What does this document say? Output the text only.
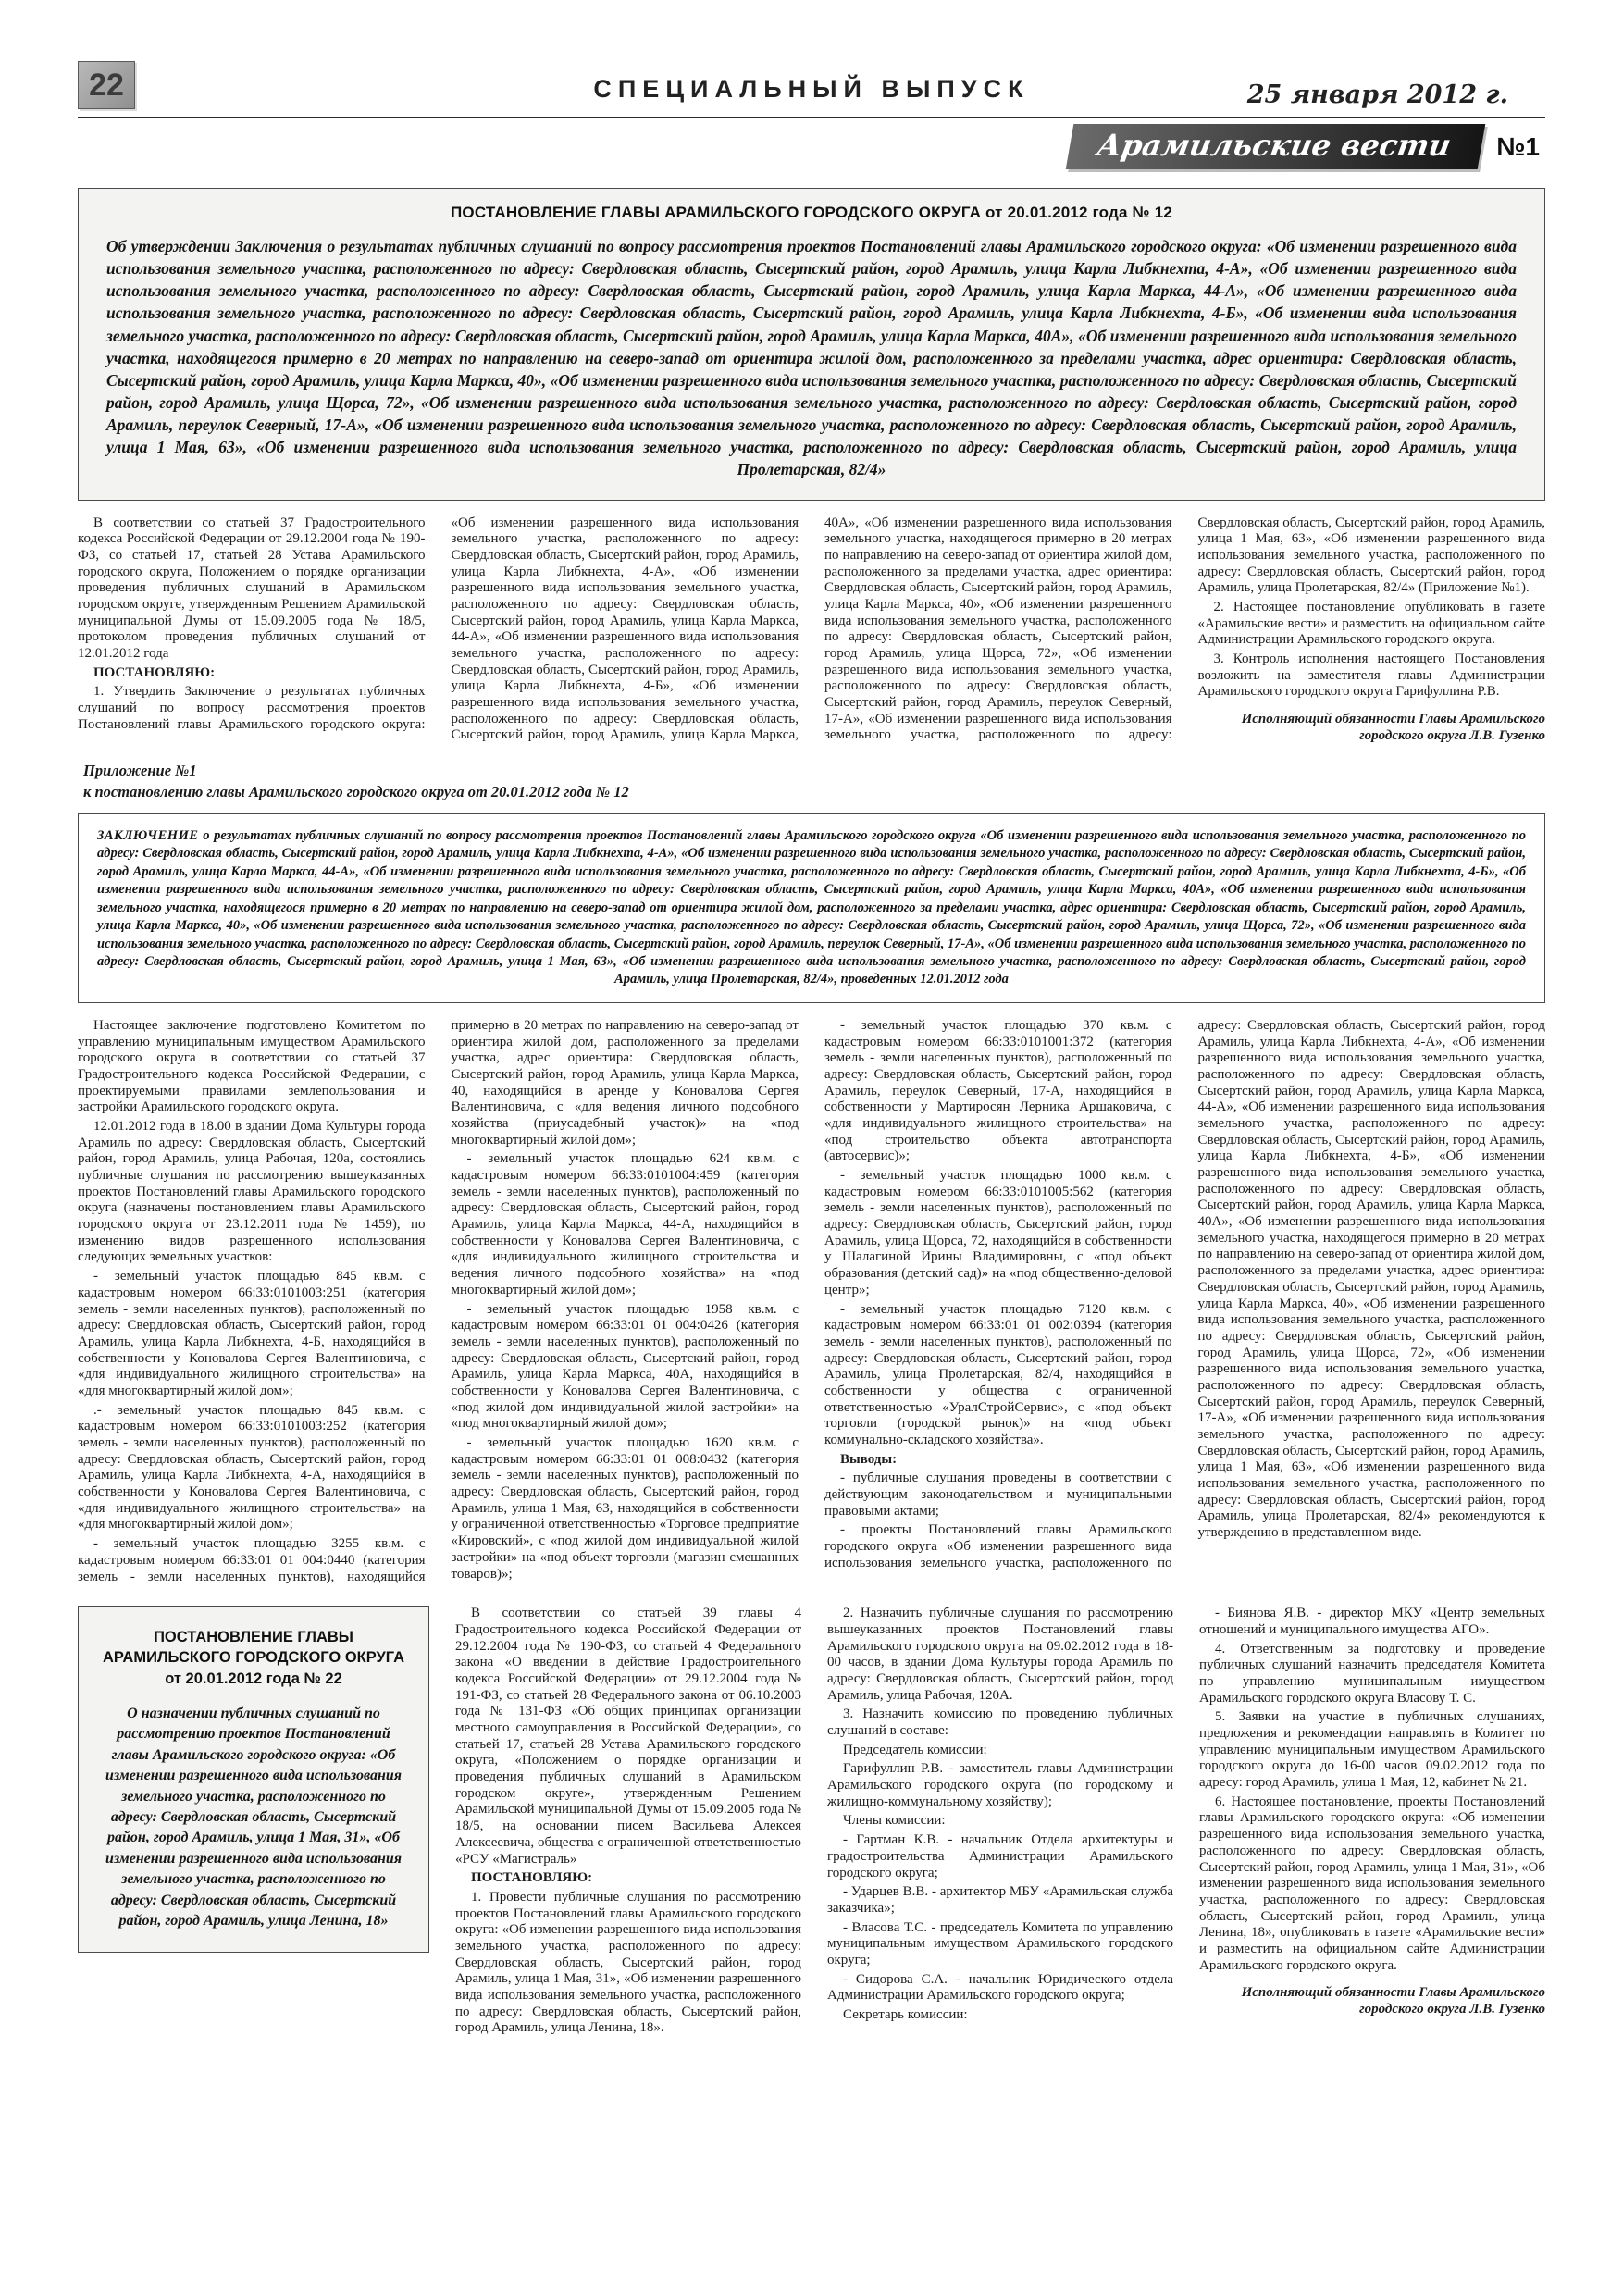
22	СПЕЦИАЛЬНЫЙ ВЫПУСК	25 января 2012 г.
Арамильские вести	№1
ПОСТАНОВЛЕНИЕ ГЛАВЫ АРАМИЛЬСКОГО ГОРОДСКОГО ОКРУГА от 20.01.2012 года № 12

Об утверждении Заключения о результатах публичных слушаний по вопросу рассмотрения проектов Постановлений главы Арамильского городского округа: «Об изменении разрешенного вида использования земельного участка, расположенного по адресу: Свердловская область, Сысертский район, город Арамиль, улица Карла Либкнехта, 4-А», «Об изменении разрешенного вида использования земельного участка, расположенного по адресу: Свердловская область, Сысертский район, город Арамиль, улица Карла Маркса, 44-А», «Об изменении разрешенного вида использования земельного участка, расположенного по адресу: Свердловская область, Сысертский район, город Арамиль, улица Карла Либкнехта, 4-Б», «Об изменении вида использования земельного участка, расположенного по адресу: Свердловская область, Сысертский район, город Арамиль, улица Карла Маркса, 40А», «Об изменении разрешенного вида использования земельного участка, находящегося примерно в 20 метрах по направлению на северо-запад от ориентира жилой дом, расположенного за пределами участка, адрес ориентира: Свердловская область, Сысертский район, город Арамиль, улица Карла Маркса, 40», «Об изменении разрешенного вида использования земельного участка, расположенного по адресу: Свердловская область, Сысертский район, город Арамиль, улица Щорса, 72», «Об изменении разрешенного вида использования земельного участка, расположенного по адресу: Свердловская область, Сысертский район, город Арамиль, переулок Северный, 17-А», «Об изменении разрешенного вида использования земельного участка, расположенного по адресу: Свердловская область, Сысертский район, город Арамиль, улица 1 Мая, 63», «Об изменении разрешенного вида использования земельного участка, расположенного по адресу: Свердловская область, Сысертский район, город Арамиль, улица Пролетарская, 82/4»

В соответствии со статьей 37 Градостроительного кодекса Российской Федерации от 29.12.2004 года № 190-ФЗ, со статьей 17, статьей 28 Устава Арамильского городского округа, Положением о порядке организации проведения публичных слушаний в Арамильском городском округе, утвержденным Решением Арамильской муниципальной Думы от 15.09.2005 года № 18/5, протоколом проведения публичных слушаний от 12.01.2012 года

ПОСТАНОВЛЯЮ:

1. Утвердить Заключение о результатах публичных слушаний по вопросу рассмотрения проектов Постановлений главы Арамильского городского округа: «Об изменении разрешенного вида использования земельного участка, расположенного по адресу: Свердловская область, Сысертский район, город Арамиль, улица Карла Либкнехта, 4-А», «Об изменении разрешенного вида использования земельного участка, расположенного по адресу: Свердловская область, Сысертский район, город Арамиль, улица Карла Маркса, 44-А», «Об изменении разрешенного вида использования земельного участка, расположенного по адресу: Свердловская область, Сысертский район, город Арамиль, улица Карла Либкнехта, 4-Б», «Об изменении разрешенного вида использования земельного участка, расположенного по адресу: Свердловская область, Сысертский район, город Арамиль, улица Карла Маркса, 40А», «Об изменении разрешенного вида использования земельного участка, находящегося примерно в 20 метрах по направлению на северо-запад от ориентира жилой дом, расположенного за пределами участка, адрес ориентира: Свердловская область, Сысертский район, город Арамиль, улица Карла Маркса, 40», «Об изменении разрешенного вида использования земельного участка, расположенного по адресу: Свердловская область, Сысертский район, город Арамиль, улица Щорса, 72», «Об изменении разрешенного вида использования земельного участка, расположенного по адресу: Свердловская область, Сысертский район, город Арамиль, переулок Северный, 17-А», «Об изменении разрешенного вида использования земельного участка, расположенного по адресу: Свердловская область, Сысертский район, город Арамиль, улица 1 Мая, 63», «Об изменении разрешенного вида использования земельного участка, расположенного по адресу: Свердловская область, Сысертский район, город Арамиль, улица Пролетарская, 82/4» (Приложение №1).

2. Настоящее постановление опубликовать в газете «Арамильские вести» и разместить на официальном сайте Администрации Арамильского городского округа.

3. Контроль исполнения настоящего Постановления возложить на заместителя главы Администрации Арамильского городского округа Гарифуллина Р.В.

Исполняющий обязанности Главы Арамильского городского округа Л.В. Гузенко

Приложение №1
к постановлению главы Арамильского городского округа от 20.01.2012 года № 12
ЗАКЛЮЧЕНИЕ о результатах публичных слушаний по вопросу рассмотрения проектов Постановлений главы Арамильского городского округа «Об изменении разрешенного вида использования земельного участка, расположенного по адресу: Свердловская область, Сысертский район, город Арамиль, улица Карла Либкнехта, 4-А», «Об изменении разрешенного вида использования земельного участка, расположенного по адресу: Свердловская область, Сысертский район, город Арамиль, улица Карла Маркса, 44-А», «Об изменении разрешенного вида использования земельного участка, расположенного по адресу: Свердловская область, Сысертский район, город Арамиль, улица Карла Либкнехта, 4-Б», «Об изменении разрешенного вида использования земельного участка, расположенного по адресу: Свердловская область, Сысертский район, город Арамиль, улица Карла Маркса, 40А», «Об изменении разрешенного вида использования земельного участка, находящегося примерно в 20 метрах по направлению на северо-запад от ориентира жилой дом, расположенного за пределами участка, адрес ориентира: Свердловская область, Сысертский район, город Арамиль, улица Карла Маркса, 40», «Об изменении разрешенного вида использования земельного участка, расположенного по адресу: Свердловская область, Сысертский район, город Арамиль, улица Щорса, 72», «Об изменении разрешенного вида использования земельного участка, расположенного по адресу: Свердловская область, Сысертский район, город Арамиль, переулок Северный, 17-А», «Об изменении разрешенного вида использования земельного участка, расположенного по адресу: Свердловская область, Сысертский район, город Арамиль, улица 1 Мая, 63», «Об изменении разрешенного вида использования земельного участка, расположенного по адресу: Свердловская область, Сысертский район, город Арамиль, улица Пролетарская, 82/4», проведенных 12.01.2012 года

Настоящее заключение подготовлено Комитетом по управлению муниципальным имуществом Арамильского городского округа в соответствии со статьей 37 Градостроительного кодекса Российской Федерации, с проектируемыми правилами землепользования и застройки Арамильского городского округа.

12.01.2012 года в 18.00 в здании Дома Культуры города Арамиль по адресу: Свердловская область, Сысертский район, город Арамиль, улица Рабочая, 120а, состоялись публичные слушания по рассмотрению вышеуказанных проектов Постановлений главы Арамильского городского округа (назначены постановлением главы Арамильского городского округа от 23.12.2011 года № 1459), по изменению видов разрешенного использования следующих земельных участков:

- земельный участок площадью 845 кв.м. с кадастровым номером 66:33:0101003:251 (категория земель - земли населенных пунктов), расположенный по адресу: Свердловская область, Сысертский район, город Арамиль, улица Карла Либкнехта, 4-Б, находящийся в собственности у Коновалова Сергея Валентиновича, с «для индивидуального жилищного строительства» на «для многоквартирный жилой дом»;

.- земельный участок площадью 845 кв.м. с кадастровым номером 66:33:0101003:252 (категория земель - земли населенных пунктов), расположенный по адресу: Свердловская область, Сысертский район, город Арамиль, улица Карла Либкнехта, 4-А, находящийся в собственности у Коновалова Сергея Валентиновича, с «для индивидуального жилищного строительства» на «для многоквартирный жилой дом»;

- земельный участок площадью 3255 кв.м. с кадастровым номером 66:33:01 01 004:0440 (категория земель - земли населенных пунктов), находящийся примерно в 20 метрах по направлению на северо-запад от ориентира жилой дом, расположенного за пределами участка, адрес ориентира: Свердловская область, Сысертский район, город Арамиль, улица Карла Маркса, 40, находящийся в аренде у Коновалова Сергея Валентиновича, с «для ведения личного подсобного хозяйства (приусадебный участок)» на «под многоквартирный жилой дом»;

- земельный участок площадью 624 кв.м. с кадастровым номером 66:33:0101004:459 (категория земель - земли населенных пунктов), расположенный по адресу: Свердловская область, Сысертский район, город Арамиль, улица Карла Маркса, 44-А, находящийся в собственности у Коновалова Сергея Валентиновича, с «для индивидуального жилищного строительства и ведения личного подсобного хозяйства» на «под многоквартирный жилой дом»;

- земельный участок площадью 1958 кв.м. с кадастровым номером 66:33:01 01 004:0426 (категория земель - земли населенных пунктов), расположенный по адресу: Свердловская область, Сысертский район, город Арамиль, улица Карла Маркса, 40А, находящийся в собственности у Коновалова Сергея Валентиновича, с «под жилой дом индивидуальной жилой застройки» на «под многоквартирный жилой дом»;

- земельный участок площадью 1620 кв.м. с кадастровым номером 66:33:01 01 008:0432 (категория земель - земли населенных пунктов), расположенный по адресу: Свердловская область, Сысертский район, город Арамиль, улица 1 Мая, 63, находящийся в собственности у ограниченной ответственностью «Торговое предприятие «Кировский», с «под жилой дом индивидуальной жилой застройки» на «под объект торговли (магазин смешанных товаров)»;

- земельный участок площадью 370 кв.м. с кадастровым номером 66:33:0101001:372 (категория земель - земли населенных пунктов), расположенный по адресу: Свердловская область, Сысертский район, город Арамиль, переулок Северный, 17-А, находящийся в собственности у Мартиросян Лерника Аршаковича, с «для индивидуального жилищного строительства» на «под строительство объекта автотранспорта (автосервис)»;

- земельный участок площадью 1000 кв.м. с кадастровым номером 66:33:0101005:562 (категория земель - земли населенных пунктов), расположенный по адресу: Свердловская область, Сысертский район, город Арамиль, улица Щорса, 72, находящийся в собственности у Шалагиной Ирины Владимировны, с «под объект образования (детский сад)» на «под общественно-деловой центр»;

- земельный участок площадью 7120 кв.м. с кадастровым номером 66:33:01 01 002:0394 (категория земель - земли населенных пунктов), расположенный по адресу: Свердловская область, Сысертский район, город Арамиль, улица Пролетарская, 82/4, находящийся в собственности у общества с ограниченной ответственностью «УралСтройСервис», с «под объект торговли (городской рынок)» на «под объект коммунально-складского хозяйства».

Выводы:

- публичные слушания проведены в соответствии с действующим законодательством и муниципальными правовыми актами;

- проекты Постановлений главы Арамильского городского округа «Об изменении разрешенного вида использования земельного участка, расположенного по адресу: Свердловская область, Сысертский район, город Арамиль, улица Карла Либкнехта, 4-А», «Об изменении разрешенного вида использования земельного участка, расположенного по адресу: Свердловская область, Сысертский район, город Арамиль, улица Карла Маркса, 44-А», «Об изменении разрешенного вида использования земельного участка, расположенного по адресу: Свердловская область, Сысертский район, город Арамиль, улица Карла Либкнехта, 4-Б», «Об изменении разрешенного вида использования земельного участка, расположенного по адресу: Свердловская область, Сысертский район, город Арамиль, улица Карла Маркса, 40А», «Об изменении разрешенного вида использования земельного участка, находящегося примерно в 20 метрах по направлению на северо-запад от ориентира жилой дом, расположенного за пределами участка, адрес ориентира: Свердловская область, Сысертский район, город Арамиль, улица Карла Маркса, 40», «Об изменении разрешенного вида использования земельного участка, расположенного по адресу: Свердловская область, Сысертский район, город Арамиль, улица Щорса, 72», «Об изменении разрешенного вида использования земельного участка, расположенного по адресу: Свердловская область, Сысертский район, город Арамиль, переулок Северный, 17-А», «Об изменении разрешенного вида использования земельного участка, расположенного по адресу: Свердловская область, Сысертский район, город Арамиль, улица 1 Мая, 63», «Об изменении разрешенного вида использования земельного участка, расположенного по адресу: Свердловская область, Сысертский район, город Арамиль, улица Пролетарская, 82/4» рекомендуются к утверждению в представленном виде.

ПОСТАНОВЛЕНИЕ ГЛАВЫ АРАМИЛЬСКОГО ГОРОДСКОГО ОКРУГА от 20.01.2012 года № 22

О назначении публичных слушаний по рассмотрению проектов Постановлений главы Арамильского городского округа: «Об изменении разрешенного вида использования земельного участка, расположенного по адресу: Свердловская область, Сысертский район, город Арамиль, улица 1 Мая, 31», «Об изменении разрешенного вида использования земельного участка, расположенного по адресу: Свердловская область, Сысертский район, город Арамиль, улица Ленина, 18»

В соответствии со статьей 39 главы 4 Градостроительного кодекса Российской Федерации от 29.12.2004 года № 190-ФЗ, со статьей 4 Федерального закона «О введении в действие Градостроительного кодекса Российской Федерации» от 29.12.2004 года № 191-ФЗ, со статьей 28 Федерального закона от 06.10.2003 года № 131-ФЗ «Об общих принципах организации местного самоуправления в Российской Федерации», со статьей 17, статьей 28 Устава Арамильского городского округа, «Положением о порядке организации и проведения публичных слушаний в Арамильском городском округе», утвержденным Решением Арамильской муниципальной Думы от 15.09.2005 года № 18/5, на основании писем Васильева Алексея Алексеевича, общества с ограниченной ответственностью «РСУ «Магистраль»

ПОСТАНОВЛЯЮ:

1. Провести публичные слушания по рассмотрению проектов Постановлений главы Арамильского городского округа: «Об изменении разрешенного вида использования земельного участка, расположенного по адресу: Свердловская область, Сысертский район, город Арамиль, улица 1 Мая, 31», «Об изменении разрешенного вида использования земельного участка, расположенного по адресу: Свердловская область, Сысертский район, город Арамиль, улица Ленина, 18».

2. Назначить публичные слушания по рассмотрению вышеуказанных проектов Постановлений главы Арамильского городского округа на 09.02.2012 года в 18-00 часов, в здании Дома Культуры города Арамиль по адресу: Свердловская область, Сысертский район, город Арамиль, улица Рабочая, 120А.

3. Назначить комиссию по проведению публичных слушаний в составе:

Председатель комиссии:

Гарифуллин Р.В. - заместитель главы Администрации Арамильского городского округа (по городскому и жилищно-коммунальному хозяйству);

Члены комиссии:

- Гартман К.В. - начальник Отдела архитектуры и градостроительства Администрации Арамильского городского округа;

- Ударцев В.В. - архитектор МБУ «Арамильская служба заказчика»;

- Власова Т.С. - председатель Комитета по управлению муниципальным имуществом Арамильского городского округа;

- Сидорова С.А. - начальник Юридического отдела Администрации Арамильского городского округа;

Секретарь комиссии:

- Биянова Я.В. - директор МКУ «Центр земельных отношений и муниципального имущества АГО».

4. Ответственным за подготовку и проведение публичных слушаний назначить председателя Комитета по управлению муниципальным имуществом Арамильского городского округа Власову Т. С.

5. Заявки на участие в публичных слушаниях, предложения и рекомендации направлять в Комитет по управлению муниципальным имуществом Арамильского городского округа до 16-00 часов 09.02.2012 года по адресу: город Арамиль, улица 1 Мая, 12, кабинет № 21.

6. Настоящее постановление, проекты Постановлений главы Арамильского городского округа: «Об изменении разрешенного вида использования земельного участка, расположенного по адресу: Свердловская область, Сысертский район, город Арамиль, улица 1 Мая, 31», «Об изменении разрешенного вида использования земельного участка, расположенного по адресу: Свердловская область, Сысертский район, город Арамиль, улица Ленина, 18», опубликовать в газете «Арамильские вести» и разместить на официальном сайте Администрации Арамильского городского округа.

Исполняющий обязанности Главы Арамильского городского округа Л.В. Гузенко
